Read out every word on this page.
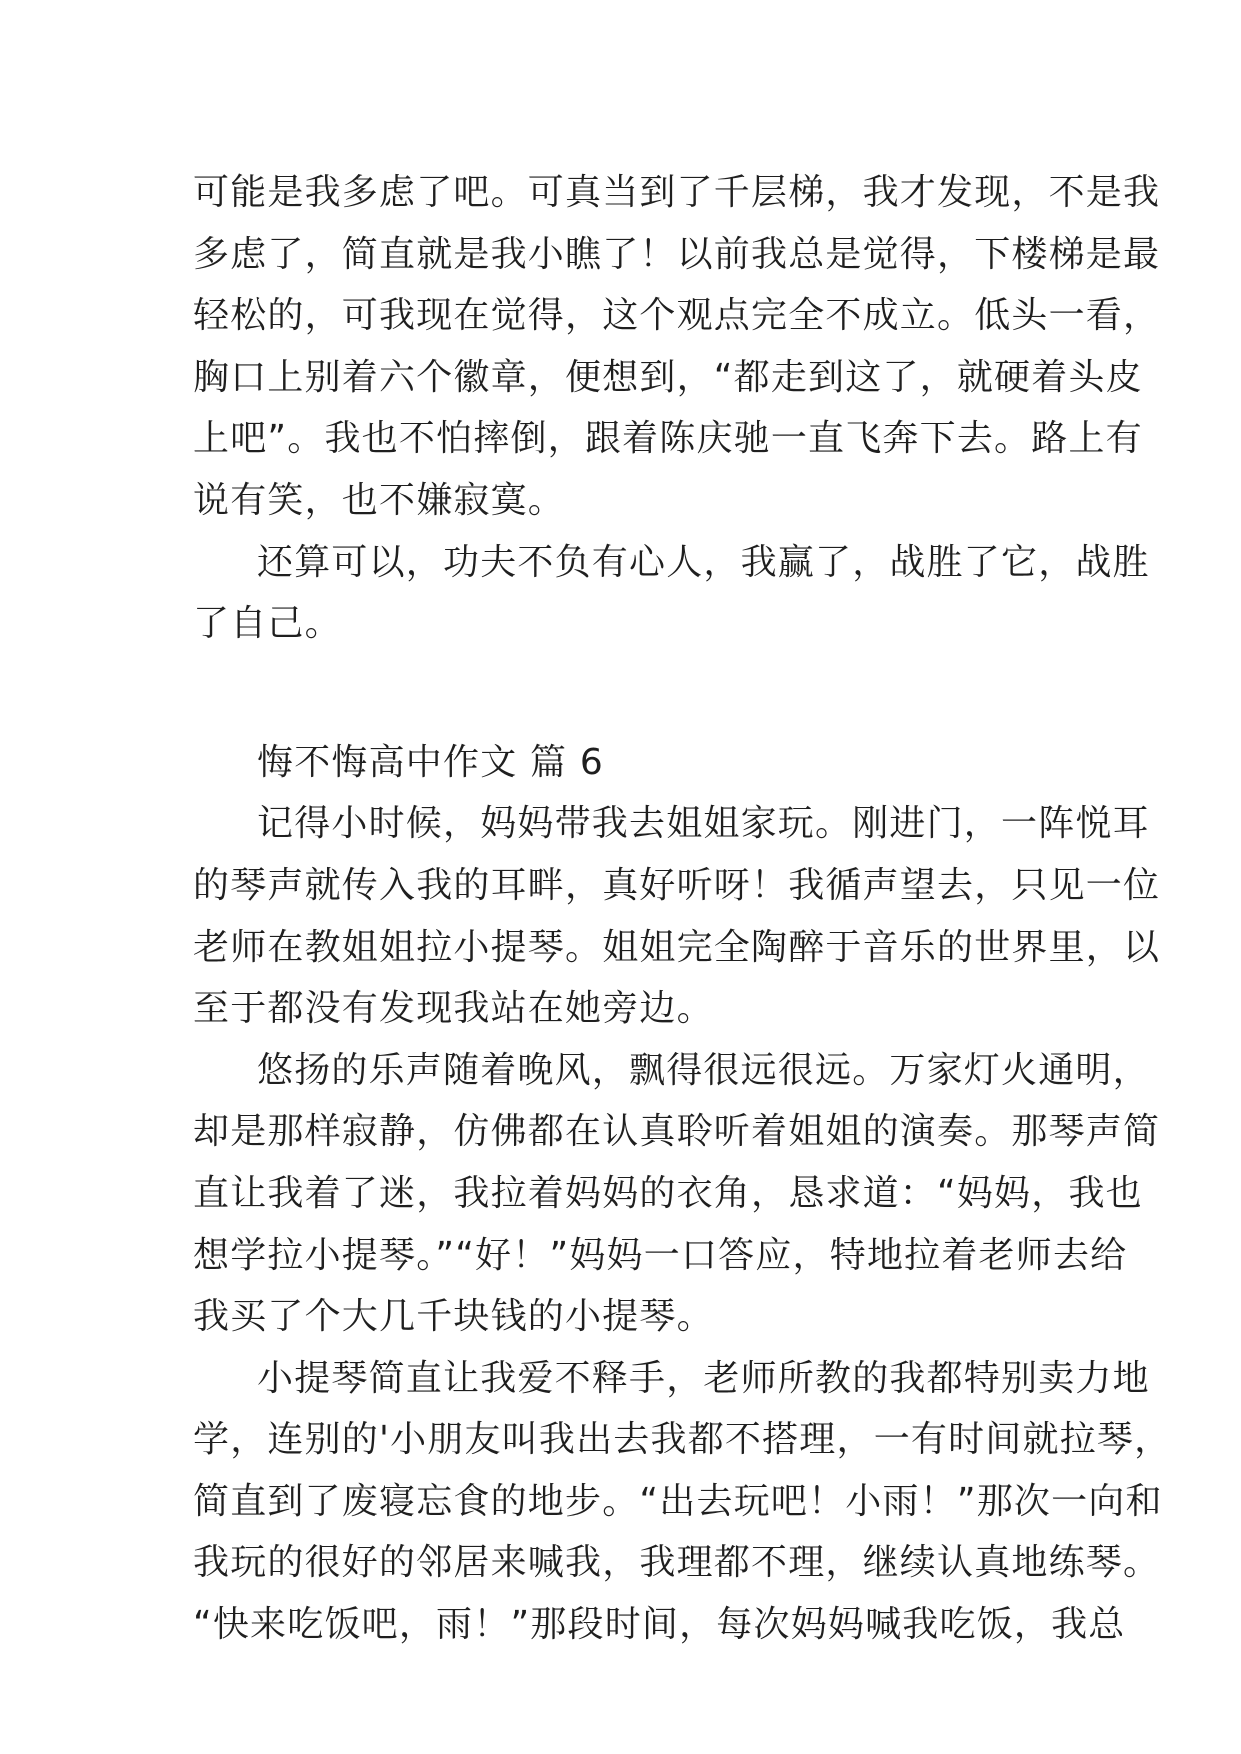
可能是我多虑了吧。可真当到了千层梯，我才发现，不是我
多虑了，简直就是我小瞧了！以前我总是觉得，下楼梯是最
轻松的，可我现在觉得，这个观点完全不成立。低头一看，
胸口上别着六个徽章，便想到，“都走到这了，就硬着头皮
上吧”。我也不怕摔倒，跟着陈庆驰一直飞奔下去。路上有
说有笑，也不嫌寂寞。
还算可以，功夫不负有心人，我赢了，战胜了它，战胜
了自己。
悔不悔高中作文 篇 6
记得小时候，妈妈带我去姐姐家玩。刚进门，一阵悦耳
的琴声就传入我的耳畔，真好听呀！我循声望去，只见一位
老师在教姐姐拉小提琴。姐姐完全陶醉于音乐的世界里，以
至于都没有发现我站在她旁边。
悠扬的乐声随着晚风，飘得很远很远。万家灯火通明，
却是那样寂静，仿佛都在认真聆听着姐姐的演奏。那琴声简
直让我着了迷，我拉着妈妈的衣角，恳求道：“妈妈，我也
想学拉小提琴。”“好！”妈妈一口答应，特地拉着老师去给
我买了个大几千块钱的小提琴。
小提琴简直让我爱不释手，老师所教的我都特别卖力地
学，连别的'小朋友叫我出去我都不搭理，一有时间就拉琴，
简直到了废寝忘食的地步。“出去玩吧！小雨！”那次一向和
我玩的很好的邻居来喊我，我理都不理，继续认真地练琴。
“快来吃饭吧，雨！”那段时间，每次妈妈喊我吃饭，我总
